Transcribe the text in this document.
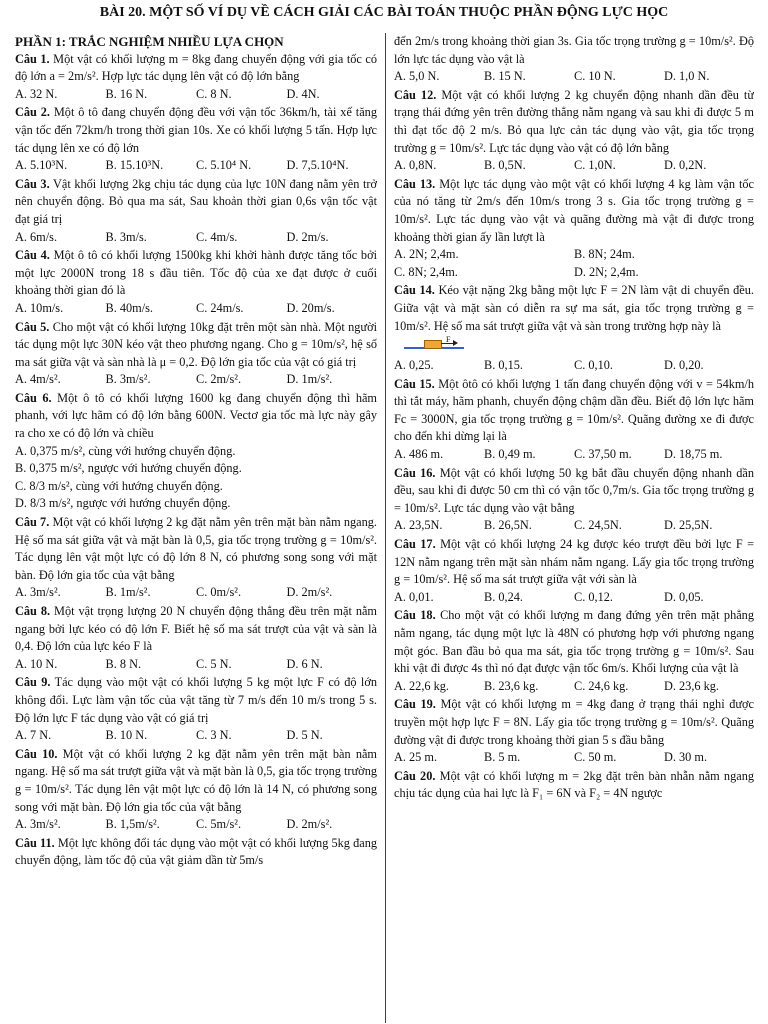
BÀI 20. MỘT SỐ VÍ DỤ VỀ CÁCH GIẢI CÁC BÀI TOÁN THUỘC PHẦN ĐỘNG LỰC HỌC
PHẦN 1: TRẮC NGHIỆM NHIỀU LỰA CHỌN

Câu 1. Một vật có khối lượng m = 8kg đang chuyển động với gia tốc có độ lớn a = 2m/s². Hợp lực tác dụng lên vật có độ lớn bằng

A. 32 N.	B. 16 N.	C. 8 N.	D. 4N.

Câu 2. Một ô tô đang chuyển động đều với vận tốc 36km/h, tài xế tăng vận tốc đến 72km/h trong thời gian 10s. Xe có khối lượng 5 tấn. Hợp lực tác dụng lên xe có độ lớn

A. 5.10³N.	B. 15.10³N.	C. 5.10⁴ N.	D. 7,5.10⁴N.

Câu 3. Vật khối lượng 2kg chịu tác dụng của lực 10N đang nằm yên trở nên chuyển động. Bỏ qua ma sát, Sau khoản thời gian 0,6s vận tốc vật đạt giá trị

A. 6m/s.	B. 3m/s.	C. 4m/s.	D. 2m/s.

Câu 4. Một ô tô có khối lượng 1500kg khi khởi hành được tăng tốc bởi một lực 2000N trong 18 s đầu tiên. Tốc độ của xe đạt được ở cuối khoảng thời gian đó là

A. 10m/s.	B. 40m/s.	C. 24m/s.	D. 20m/s.

Câu 5. Cho một vật có khối lượng 10kg đặt trên một sàn nhà. Một người tác dụng một lực 30N kéo vật theo phương ngang. Cho g = 10m/s², hệ số ma sát giữa vật và sàn nhà là μ = 0,2. Độ lớn gia tốc của vật có giá trị

A. 4m/s².	B. 3m/s².	C. 2m/s².	D. 1m/s².

Câu 6. Một ô tô có khối lượng 1600 kg đang chuyển động thì hãm phanh, với lực hãm có độ lớn bằng 600N. Vectơ gia tốc mà lực này gây ra cho xe có độ lớn và chiều

A. 0,375 m/s², cùng với hướng chuyển động.
B. 0,375 m/s², ngược với hướng chuyển động.
C. 8/3 m/s², cùng với hướng chuyển động.
D. 8/3 m/s², ngược với hướng chuyển động.

Câu 7. Một vật có khối lượng 2 kg đặt nằm yên trên mặt bàn nằm ngang. Hệ số ma sát giữa vật và mặt bàn là 0,5, gia tốc trọng trường g = 10m/s². Tác dụng lên vật một lực có độ lớn 8 N, có phương song song với mặt bàn. Độ lớn gia tốc của vật bằng

A. 3m/s².	B. 1m/s².	C. 0m/s².	D. 2m/s².

Câu 8. Một vật trọng lượng 20 N chuyển động thẳng đều trên mặt nằm ngang bởi lực kéo có độ lớn F. Biết hệ số ma sát trượt của vật và sàn là 0,4. Độ lớn của lực kéo F là

A. 10 N.	B. 8 N.	C. 5 N.	D. 6 N.

Câu 9. Tác dụng vào một vật có khối lượng 5 kg một lực F có độ lớn không đổi. Lực làm vận tốc của vật tăng từ 7 m/s đến 10 m/s trong 5 s. Độ lớn lực F tác dụng vào vật có giá trị

A. 7 N.	B. 10 N.	C. 3 N.	D. 5 N.

Câu 10. Một vật có khối lượng 2 kg đặt nằm yên trên mặt bàn nằm ngang. Hệ số ma sát trượt giữa vật và mặt bàn là 0,5, gia tốc trọng trường g = 10m/s². Tác dụng lên vật một lực có độ lớn là 14 N, có phương song song với mặt bàn. Độ lớn gia tốc của vật bằng

A. 3m/s².	B. 1,5m/s².	C. 5m/s².	D. 2m/s².

Câu 11. Một lực không đổi tác dụng vào một vật có khối lượng 5kg đang chuyển động, làm tốc độ của vật giảm dần từ 5m/s

đến 2m/s trong khoảng thời gian 3s. Gia tốc trọng trường g = 10m/s². Độ lớn lực tác dụng vào vật là

A. 5,0 N.	B. 15 N.	C. 10 N.	D. 1,0 N.

Câu 12. Một vật có khối lượng 2 kg chuyển động nhanh dần đều từ trạng thái đứng yên trên đường thẳng nằm ngang và sau khi đi được 5 m thì đạt tốc độ 2 m/s. Bỏ qua lực cản tác dụng vào vật, gia tốc trọng trường g = 10m/s². Lực tác dụng vào vật có độ lớn bằng

A. 0,8N.	B. 0,5N.	C. 1,0N.	D. 0,2N.

Câu 13. Một lực tác dụng vào một vật có khối lượng 4 kg làm vận tốc của nó tăng từ 2m/s đến 10m/s trong 3 s. Gia tốc trọng trường g = 10m/s². Lực tác dụng vào vật và quãng đường mà vật đi được trong khoảng thời gian ấy lần lượt là

A. 2N; 2,4m.	B. 8N; 24m.
C. 8N; 2,4m.	D. 2N; 2,4m.

Câu 14. Kéo vật nặng 2kg bằng một lực F = 2N làm vật di chuyển đều. Giữa vật và mặt sàn có diễn ra sự ma sát, gia tốc trọng trường g = 10m/s². Hệ số ma sát trượt giữa vật và sàn trong trường hợp này là

F
A. 0,25.	B. 0,15.	C. 0,10.	D. 0,20.

Câu 15. Một ôtô có khối lượng 1 tấn đang chuyển động với v = 54km/h thì tắt máy, hãm phanh, chuyển động chậm dần đều. Biết độ lớn lực hãm Fc = 3000N, gia tốc trọng trường g = 10m/s². Quãng đường xe đi được cho đến khi dừng lại là

A. 486 m.	B. 0,49 m.	C. 37,50 m.	D. 18,75 m.

Câu 16. Một vật có khối lượng 50 kg bắt đầu chuyển động nhanh dần đều, sau khi đi được 50 cm thì có vận tốc 0,7m/s. Gia tốc trọng trường g = 10m/s². Lực tác dụng vào vật bằng

A. 23,5N.	B. 26,5N.	C. 24,5N.	D. 25,5N.

Câu 17. Một vật có khối lượng 24 kg được kéo trượt đều bởi lực F = 12N nằm ngang trên mặt sàn nhám nằm ngang. Lấy gia tốc trọng trường g = 10m/s². Hệ số ma sát trượt giữa vật với sàn là

A. 0,01.	B. 0,24.	C. 0,12.	D. 0,05.

Câu 18. Cho một vật có khối lượng m đang đứng yên trên mặt phẳng nằm ngang, tác dụng một lực là 48N có phương hợp với phương ngang một góc. Ban đầu bỏ qua ma sát, gia tốc trọng trường g = 10m/s². Sau khi vật đi được 4s thì nó đạt được vận tốc 6m/s. Khối lượng của vật là

A. 22,6 kg.	B. 23,6 kg.	C. 24,6 kg.	D. 23,6 kg.

Câu 19. Một vật có khối lượng m = 4kg đang ở trạng thái nghỉ được truyền một hợp lực F = 8N. Lấy gia tốc trọng trường g = 10m/s². Quãng đường vật đi được trong khoảng thời gian 5 s đầu bằng

A. 25 m.	B. 5 m.	C. 50 m.	D. 30 m.

Câu 20. Một vật có khối lượng m = 2kg đặt trên bàn nhẵn nằm ngang chịu tác dụng của hai lực là F₁ = 6N và F₂ = 4N ngược
